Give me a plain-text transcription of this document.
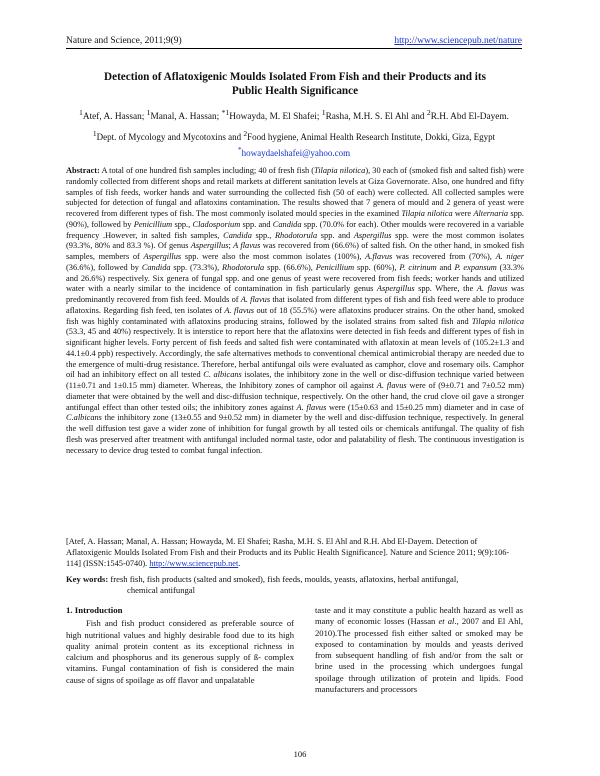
Nature and Science, 2011;9(9)	http://www.sciencepub.net/nature
Detection of Aflatoxigenic Moulds Isolated From Fish and their Products and its Public Health Significance
$^1$Atef, A. Hassan; $^1$Manal, A. Hassan; $^{*1}$Howayda, M. El Shafei; $^1$Rasha, M.H. S. El Ahl and $^2$R.H. Abd El-Dayem.
$^1$Dept. of Mycology and Mycotoxins and $^2$Food hygiene, Animal Health Research Institute, Dokki, Giza, Egypt
*howaydaelshafei@yahoo.com
Abstract: A total of one hundred fish samples including; 40 of fresh fish (Tilapia nilotica), 30 each of (smoked fish and salted fish) were randomly collected from different shops and retail markets at different sanitation levels at Giza Governorate. Also, one hundred and fifty samples of fish feeds, worker hands and water surrounding the collected fish (50 of each) were collected. All collected samples were subjected for detection of fungal and aflatoxins contamination. The results showed that 7 genera of mould and 2 genera of yeast were recovered from different types of fish. The most commonly isolated mould species in the examined Tilapia nilotica were Alternaria spp. (90%), followed by Penicillium spp., Cladosporium spp. and Candida spp. (70.0% for each). Other moulds were recovered in a variable frequency .However, in salted fish samples, Candida spp., Rhodotorula spp. and Aspergillus spp. were the most common isolates (93.3%, 80% and 83.3 %). Of genus Aspergillus; A flavus was recovered from (66.6%) of salted fish. On the other hand, in smoked fish samples, members of Aspergillus spp. were also the most common isolates (100%), A.flavus was recovered from (70%), A. niger (36.6%), followed by Candida spp. (73.3%), Rhodotorula spp. (66.6%), Penicillium spp. (60%), P. citrinum and P. expansum (33.3% and 26.6%) respectively. Six genera of fungal spp. and one genus of yeast were recovered from fish feeds; worker hands and utilized water with a nearly similar to the incidence of contamination in fish particularly genus Aspergillus spp. Where, the A. flavus was predominantly recovered from fish feed. Moulds of A. flavus that isolated from different types of fish and fish feed were able to produce aflatoxins. Regarding fish feed, ten isolates of A. flavus out of 18 (55.5%) were aflatoxins producer strains. On the other hand, smoked fish was highly contaminated with aflatoxins producing strains, followed by the isolated strains from salted fish and Tilapia nilotica (53.3, 45 and 40%) respectively. It is interstice to report here that the aflatoxins were detected in fish feeds and different types of fish in significant higher levels. Forty percent of fish feeds and salted fish were contaminated with aflatoxin at mean levels of (105.2±1.3 and 44.1±0.4 ppb) respectively. Accordingly, the safe alternatives methods to conventional chemical antimicrobial therapy are needed due to the emergence of multi-drug resistance. Therefore, herbal antifungal oils were evaluated as camphor, clove and rosemary oils. Camphor oil had an inhibitory effect on all tested C. albicans isolates, the inhibitory zone in the well or disc-diffusion technique varied between (11±0.71 and 1±0.15 mm) diameter. Whereas, the Inhibitory zones of camphor oil against A. flavus were of (9±0.71 and 7±0.52 mm) diameter that were obtained by the well and disc-diffusion technique, respectively. On the other hand, the crud clove oil gave a stronger antifungal effect than other tested oils; the inhibitory zones against A. flavus were (15±0.63 and 15±0.25 mm) diameter and in case of C.albicans the inhibitory zone (13±0.55 and 9±0.52 mm) in diameter by the well and disc-diffusion technique, respectively. In general the well diffusion test gave a wider zone of inhibition for fungal growth by all tested oils or chemicals antifungal. The quality of fish flesh was preserved after treatment with antifungal included normal taste, odor and palatability of flesh. The continuous investigation is necessary to device drug tested to combat fungal infection.
[Atef, A. Hassan; Manal, A. Hassan; Howayda, M. El Shafei; Rasha, M.H. S. El Ahl and R.H. Abd El-Dayem. Detection of Aflatoxigenic Moulds Isolated From Fish and their Products and its Public Health Significance]. Nature and Science 2011; 9(9):106-114] (ISSN:1545-0740). http://www.sciencepub.net.
Key words: fresh fish, fish products (salted and smoked), fish feeds, moulds, yeasts, aflatoxins, herbal antifungal,
chemical antifungal
1. Introduction

Fish and fish product considered as preferable source of high nutritional values and highly desirable food due to its high quality animal protein content as its exceptional richness in calcium and phosphorus and its generous supply of ß- complex vitamins. Fungal contamination of fish is considered the main cause of signs of spoilage as off flavor and unpalatable

taste and it may constitute a public health hazard as well as many of economic losses (Hassan et al., 2007 and El Ahl, 2010).The processed fish either salted or smoked may be exposed to contamination by moulds and yeasts derived from subsequent handling of fish and/or from the salt or brine used in the processing which undergoes fungal spoilage through utilization of protein and lipids. Food manufacturers and processors

106
